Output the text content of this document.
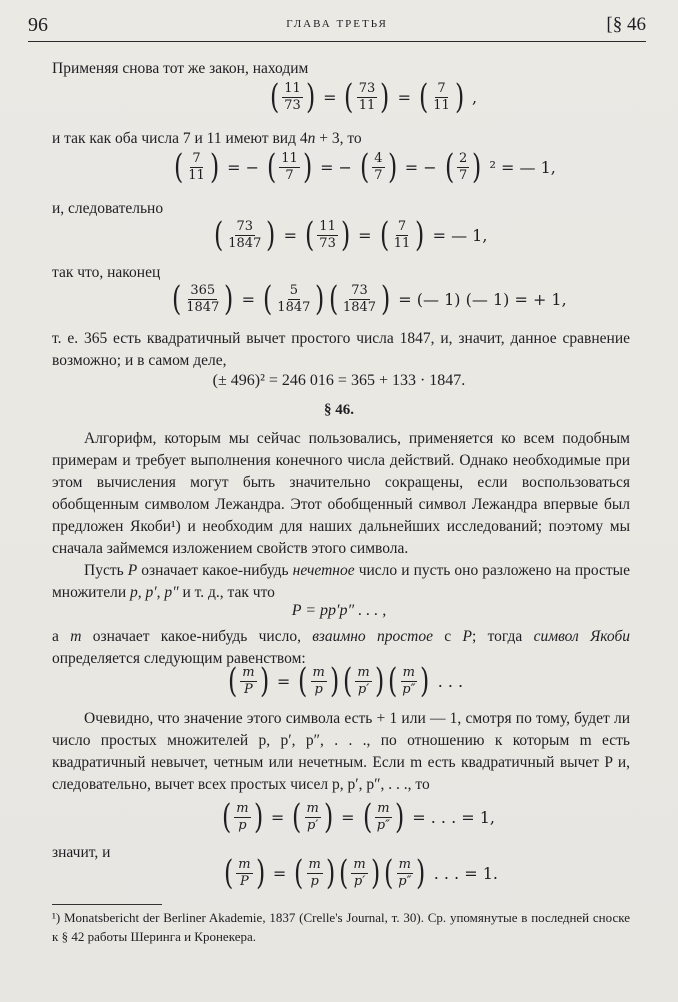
96	ГЛАВА ТРЕТЬЯ	[§ 46
Применяя снова тот же закон, находим
( $\frac{11}{73}$ ) = ( $\frac{73}{11}$ ) = ( $\frac{7}{11}$ ) ,
и так как оба числа 7 и 11 имеют вид 4n + 3, то
( $\frac{7}{11}$ ) = − ( $\frac{11}{7}$ ) = − ( $\frac{4}{7}$ ) = − ( $\frac{2}{7}$ ) ² = — 1,
и, следовательно
( $\frac{73}{1847}$ ) = ( $\frac{11}{73}$ ) = ( $\frac{7}{11}$ ) = — 1,
так что, наконец
( $\frac{365}{1847}$ ) = ( $\frac{5}{1847}$ ) ( $\frac{73}{1847}$ ) = (— 1) (— 1) = + 1,
т. е. 365 есть квадратичный вычет простого числа 1847, и, значит, данное сравнение возможно; и в самом деле,
(± 496)² = 246 016 = 365 + 133 · 1847.
§ 46.
Алгорифм, которым мы сейчас пользовались, применяется ко всем подобным примерам и требует выполнения конечного числа действий. Однако необходимые при этом вычисления могут быть значительно сокращены, если воспользоваться обобщенным символом Лежандра. Этот обобщенный символ Лежандра впервые был предложен Якоби¹) и необходим для наших дальнейших исследований; поэтому мы сначала займемся изложением свойств этого символа.
Пусть P означает какое-нибудь нечетное число и пусть оно разложено на простые множители p, p′, p″ и т. д., так что
P = pp′p″ . . . ,
а m означает какое-нибудь число, взаимно простое с P; тогда символ Якоби определяется следующим равенством:
( $\frac{m}{P}$ ) = ( $\frac{m}{p}$ ) ( $\frac{m}{p'}$ ) ( $\frac{m}{p''}$ ) . . .
Очевидно, что значение этого символа есть + 1 или — 1, смотря по тому, будет ли число простых множителей p, p′, p″, . . ., по отношению к которым m есть квадратичный невычет, четным или нечетным. Если m есть квадратичный вычет P и, следовательно, вычет всех простых чисел p, p′, p″, . . ., то
( $\frac{m}{p}$ ) = ( $\frac{m}{p'}$ ) = ( $\frac{m}{p''}$ ) = . . . = 1,
значит, и
( $\frac{m}{P}$ ) = ( $\frac{m}{p}$ ) ( $\frac{m}{p'}$ ) ( $\frac{m}{p''}$ ) . . . = 1.
¹) Monatsbericht der Berliner Akademie, 1837 (Crelle's Journal, т. 30). Ср. упомянутые в последней сноске к § 42 работы Шеринга и Кронекера.
